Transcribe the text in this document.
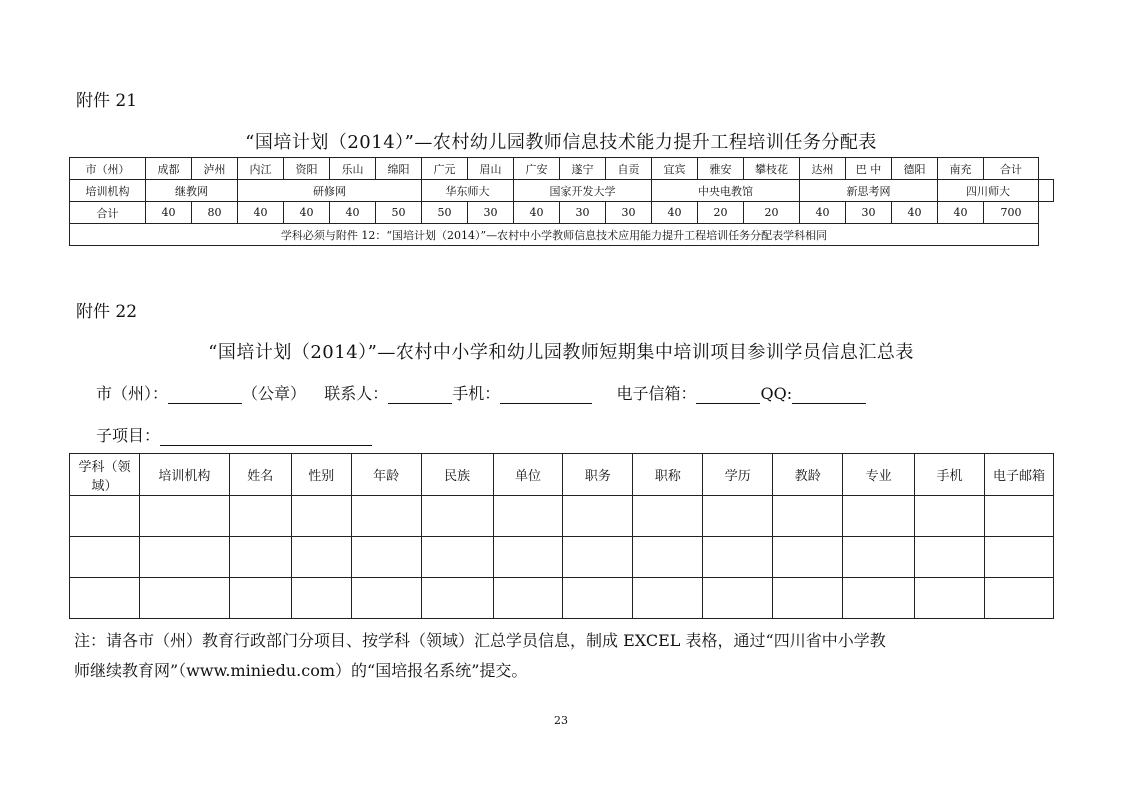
附件 21
“国培计划（2014）”—农村幼儿园教师信息技术能力提升工程培训任务分配表
市（州）	成都	泸州	内江	资阳	乐山	绵阳	广元	眉山	广安	遂宁	自贡	宜宾	雅安	攀枝花	达州	巴 中	德阳	南充	合计	
培训机构	继教网		研修网				华东师大		国家开发大学			中央电教馆			新思考网			四川师大		
合计	40	80	40	40	40	50	50	30	40	30	30	40	20	20	40	30	40	40	700	
学科必须与附件 12：“国培计划（2014）”—农村中小学教师信息技术应用能力提升工程培训任务分配表学科相同																				
附件 22
“国培计划（2014）”—农村中小学和幼儿园教师短期集中培训项目参训学员信息汇总表
市（州）：	（公章） 联系人：	手机：	电子信箱：	QQ:
子项目：
学科（领域）	培训机构	姓名	性别	年龄	民族	单位	职务	职称	学历	教龄	专业	手机	电子邮箱

注：请各市（州）教育行政部门分项目、按学科（领域）汇总学员信息，制成 EXCEL 表格，通过“四川省中小学教
师继续教育网”（www.miniedu.com）的“国培报名系统”提交。
23
